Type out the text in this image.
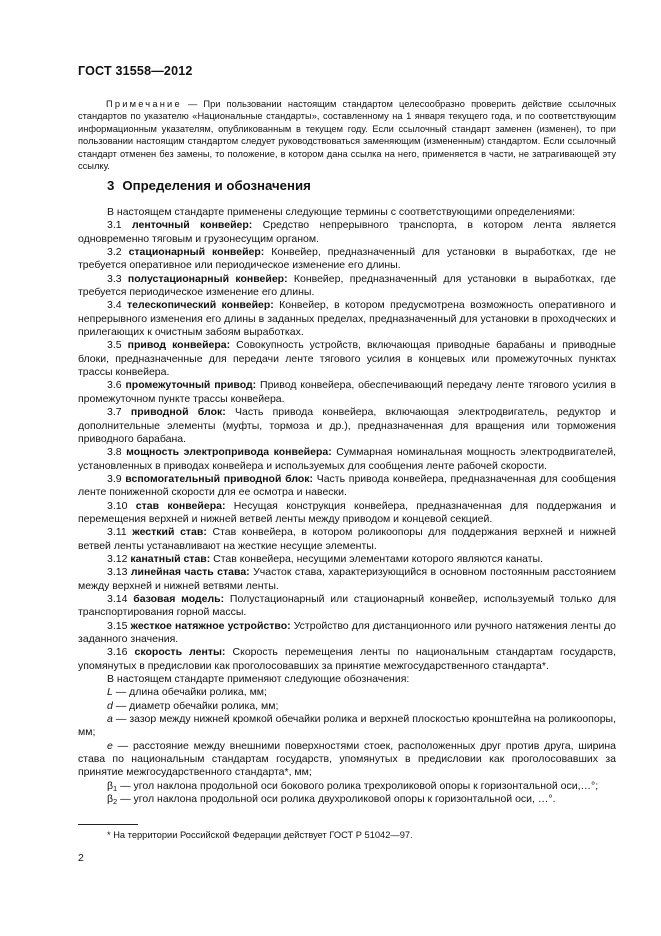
ГОСТ 31558—2012

Примечание — При пользовании настоящим стандартом целесообразно проверить действие ссылочных стандартов по указателю «Национальные стандарты», составленному на 1 января текущего года, и по соответствующим информационным указателям, опубликованным в текущем году. Если ссылочный стандарт заменен (изменен), то при пользовании настоящим стандартом следует руководствоваться заменяющим (измененным) стандартом. Если ссылочный стандарт отменен без замены, то положение, в котором дана ссылка на него, применяется в части, не затрагивающей эту ссылку.

3 Определения и обозначения

В настоящем стандарте применены следующие термины с соответствующими определениями:

3.1 ленточный конвейер: Средство непрерывного транспорта, в котором лента является одновременно тяговым и грузонесущим органом.

3.2 стационарный конвейер: Конвейер, предназначенный для установки в выработках, где не требуется оперативное или периодическое изменение его длины.

3.3 полустационарный конвейер: Конвейер, предназначенный для установки в выработках, где требуется периодическое изменение его длины.

3.4 телескопический конвейер: Конвейер, в котором предусмотрена возможность оперативного и непрерывного изменения его длины в заданных пределах, предназначенный для установки в проходческих и прилегающих к очистным забоям выработках.

3.5 привод конвейера: Совокупность устройств, включающая приводные барабаны и приводные блоки, предназначенные для передачи ленте тягового усилия в концевых или промежуточных пунктах трассы конвейера.

3.6 промежуточный привод: Привод конвейера, обеспечивающий передачу ленте тягового усилия в промежуточном пункте трассы конвейера.

3.7 приводной блок: Часть привода конвейера, включающая электродвигатель, редуктор и дополнительные элементы (муфты, тормоза и др.), предназначенная для вращения или торможения приводного барабана.

3.8 мощность электропривода конвейера: Суммарная номинальная мощность электродвигателей, установленных в приводах конвейера и используемых для сообщения ленте рабочей скорости.

3.9 вспомогательный приводной блок: Часть привода конвейера, предназначенная для сообщения ленте пониженной скорости для ее осмотра и навески.

3.10 став конвейера: Несущая конструкция конвейера, предназначенная для поддержания и перемещения верхней и нижней ветвей ленты между приводом и концевой секцией.

3.11 жесткий став: Став конвейера, в котором роликоопоры для поддержания верхней и нижней ветвей ленты устанавливают на жесткие несущие элементы.

3.12 канатный став: Став конвейера, несущими элементами которого являются канаты.

3.13 линейная часть става: Участок става, характеризующийся в основном постоянным расстоянием между верхней и нижней ветвями ленты.

3.14 базовая модель: Полустационарный или стационарный конвейер, используемый только для транспортирования горной массы.

3.15 жесткое натяжное устройство: Устройство для дистанционного или ручного натяжения ленты до заданного значения.

3.16 скорость ленты: Скорость перемещения ленты по национальным стандартам государств, упомянутых в предисловии как проголосовавших за принятие межгосударственного стандарта*.

В настоящем стандарте применяют следующие обозначения:

L — длина обечайки ролика, мм;

d — диаметр обечайки ролика, мм;

a — зазор между нижней кромкой обечайки ролика и верхней плоскостью кронштейна на роликоопоры, мм;

e — расстояние между внешними поверхностями стоек, расположенных друг против друга, ширина става по национальным стандартам государств, упомянутых в предисловии как проголосовавших за принятие межгосударственного стандарта*, мм;

$\beta_1$ — угол наклона продольной оси бокового ролика трехроликовой опоры к горизонтальной оси,…°;

$\beta_2$ — угол наклона продольной оси ролика двухроликовой опоры к горизонтальной оси, …°.

* На территории Российской Федерации действует ГОСТ Р 51042—97.
2
